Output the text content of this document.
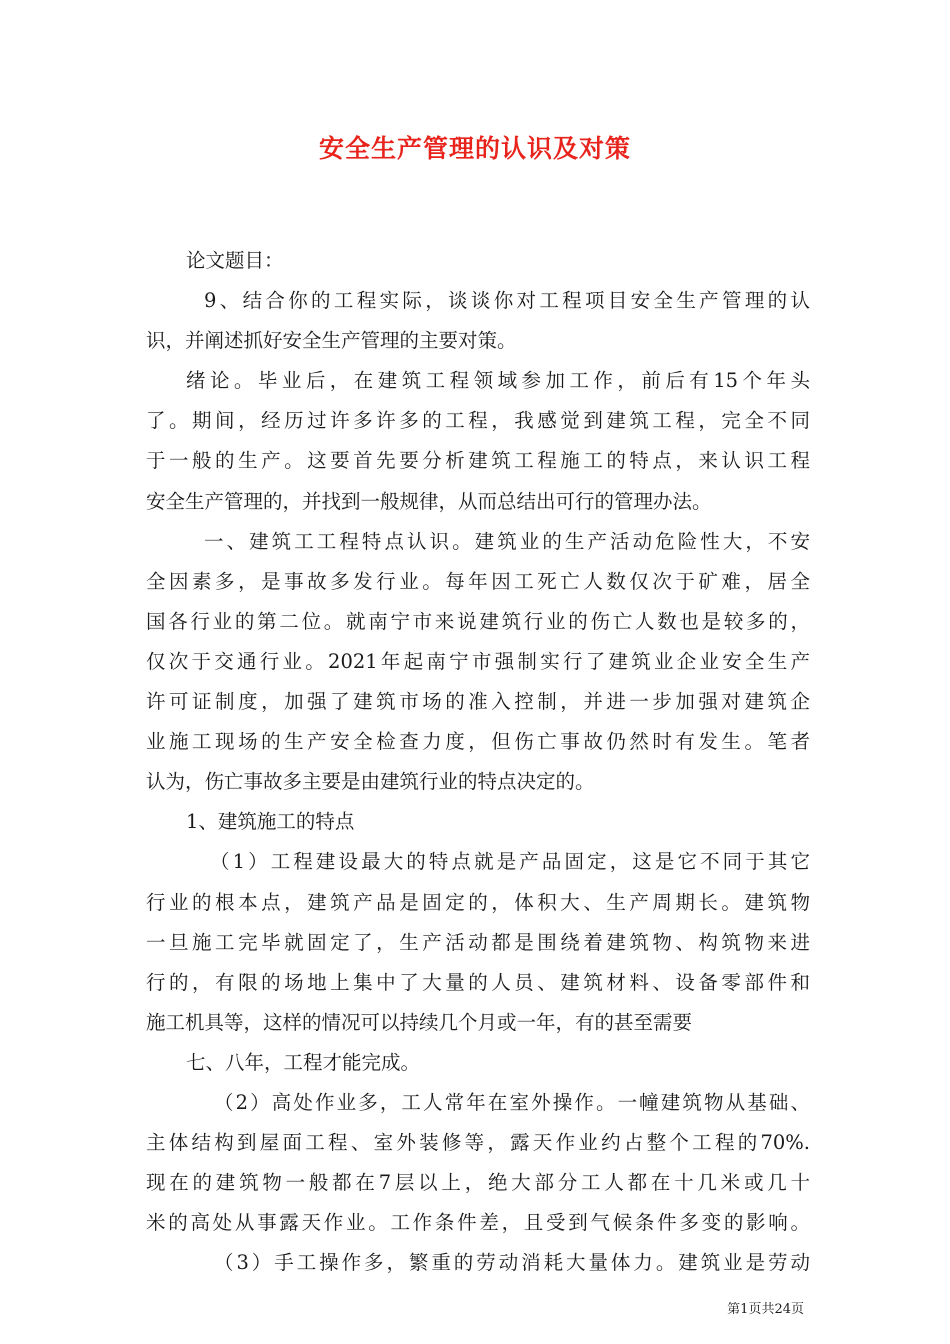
安全生产管理的认识及对策
论文题目：
9、结合你的工程实际，谈谈你对工程项目安全生产管理的认
识，并阐述抓好安全生产管理的主要对策。
绪论。毕业后，在建筑工程领域参加工作，前后有15个年头
了。期间，经历过许多许多的工程，我感觉到建筑工程，完全不同
于一般的生产。这要首先要分析建筑工程施工的特点，来认识工程
安全生产管理的，并找到一般规律，从而总结出可行的管理办法。
一、建筑工工程特点认识。建筑业的生产活动危险性大，不安
全因素多，是事故多发行业。每年因工死亡人数仅次于矿难，居全
国各行业的第二位。就南宁市来说建筑行业的伤亡人数也是较多的，
仅次于交通行业。2021年起南宁市强制实行了建筑业企业安全生产
许可证制度，加强了建筑市场的准入控制，并进一步加强对建筑企
业施工现场的生产安全检查力度，但伤亡事故仍然时有发生。笔者
认为，伤亡事故多主要是由建筑行业的特点决定的。
1、建筑施工的特点
（1）工程建设最大的特点就是产品固定，这是它不同于其它
行业的根本点，建筑产品是固定的，体积大、生产周期长。建筑物
一旦施工完毕就固定了，生产活动都是围绕着建筑物、构筑物来进
行的，有限的场地上集中了大量的人员、建筑材料、设备零部件和
施工机具等，这样的情况可以持续几个月或一年，有的甚至需要
七、八年，工程才能完成。
（2）高处作业多，工人常年在室外操作。一幢建筑物从基础、
主体结构到屋面工程、室外装修等，露天作业约占整个工程的70%.
现在的建筑物一般都在7层以上，绝大部分工人都在十几米或几十
米的高处从事露天作业。工作条件差，且受到气候条件多变的影响。
（3）手工操作多，繁重的劳动消耗大量体力。建筑业是劳动
第1页共24页
